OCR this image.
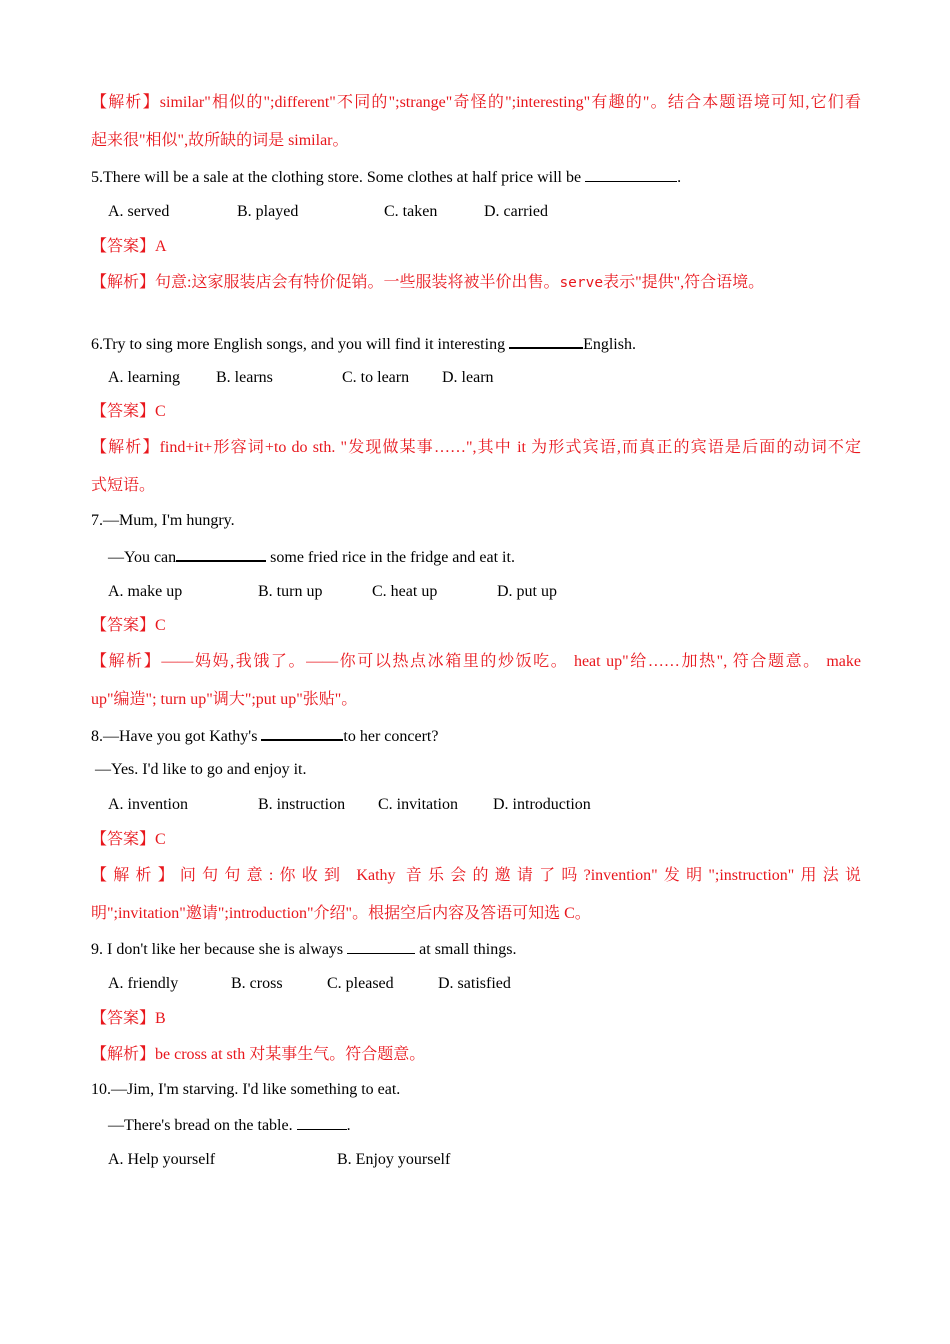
【解析】similar"相似的";different"不同的";strange"奇怪的";interesting"有趣的"。结合本题语境可知,它们看
起来很"相似",故所缺的词是 similar。
5.There will be a sale at the clothing store. Some clothes at half price will be	.
A. served	B. played	C. taken	D. carried
【答案】A
【解析】句意:这家服装店会有特价促销。一些服装将被半价出售。serve表示"提供",符合语境。
6.Try to sing more English songs, and you will find it interesting	English.
A. learning B. learns	C. to learn D. learn
【答案】C
【解析】find+it+形容词+to do sth. "发现做某事……",其中 it 为形式宾语,而真正的宾语是后面的动词不定
式短语。
7.—Mum, I'm hungry.
—You can	some fried rice in the fridge and eat it.
A. make up	B. turn up	C. heat up	D. put up
【答案】C
【解析】——妈妈,我饿了。——你可以热点冰箱里的炒饭吃。 heat up"给……加热", 符合题意。 make
up"编造"; turn up"调大";put up"张贴"。
8.—Have you got Kathy's	to her concert?
—Yes. I'd like to go and enjoy it.
A. invention	B. instruction C. invitation D. introduction
【答案】C
【解析】问句句意:你收到 Kathy 音乐会的邀请了吗?invention"发明";instruction"用法说
明";invitation"邀请";introduction"介绍"。根据空后内容及答语可知选 C。
9. I don't like her because she is always	at small things.
A. friendly	B. cross	C. pleased	D. satisfied
【答案】B
【解析】be cross at sth 对某事生气。符合题意。
10.—Jim, I'm starving. I'd like something to eat.
—There's bread on the table.	.
A. Help yourself	B. Enjoy yourself
